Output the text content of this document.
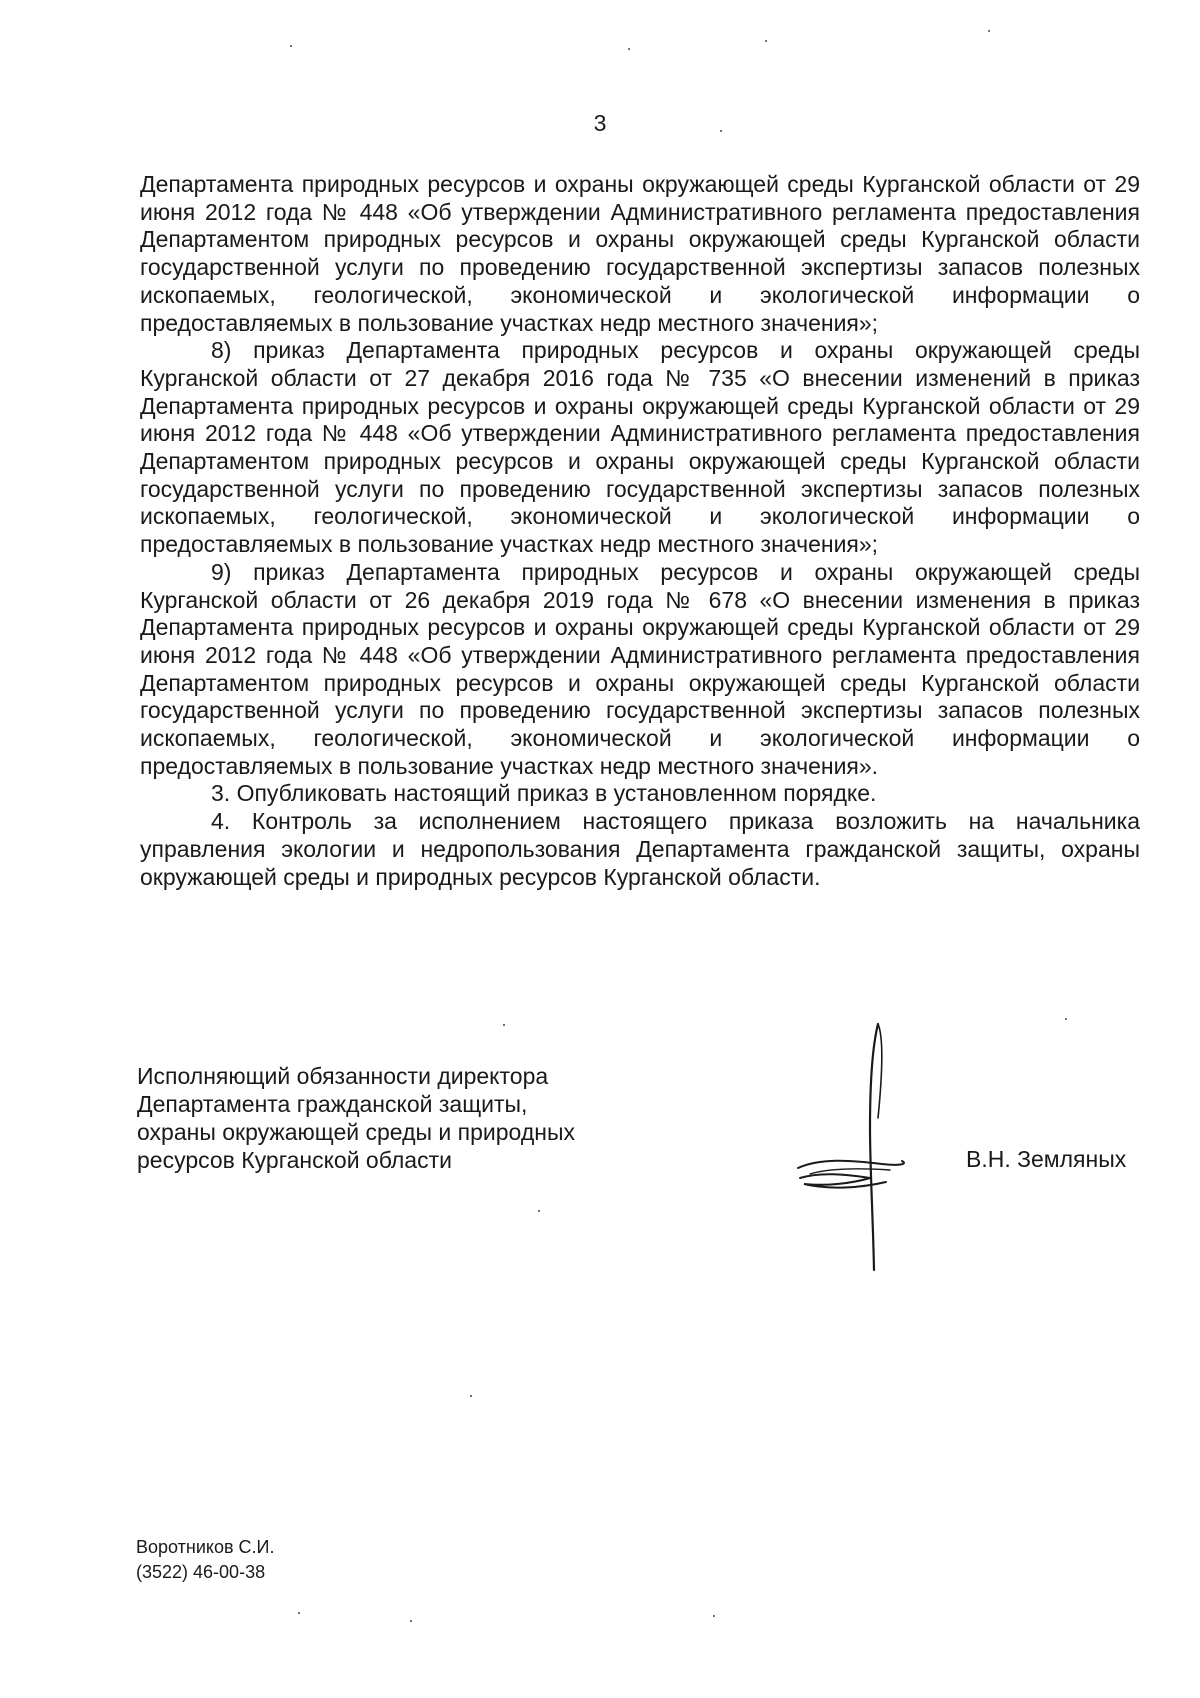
3

Департамента природных ресурсов и охраны окружающей среды Курганской области от 29 июня 2012 года № 448 «Об утверждении Административного регламента предоставления Департаментом природных ресурсов и охраны окружающей среды Курганской области государственной услуги по проведению государственной экспертизы запасов полезных ископаемых, геологической, экономической и экологической информации о предоставляемых в пользование участках недр местного значения»;

8) приказ Департамента природных ресурсов и охраны окружающей среды Курганской области от 27 декабря 2016 года № 735 «О внесении изменений в приказ Департамента природных ресурсов и охраны окружающей среды Курганской области от 29 июня 2012 года № 448 «Об утверждении Административного регламента предоставления Департаментом природных ресурсов и охраны окружающей среды Курганской области государственной услуги по проведению государственной экспертизы запасов полезных ископаемых, геологической, экономической и экологической информации о предоставляемых в пользование участках недр местного значения»;

9) приказ Департамента природных ресурсов и охраны окружающей среды Курганской области от 26 декабря 2019 года № 678 «О внесении изменения в приказ Департамента природных ресурсов и охраны окружающей среды Курганской области от 29 июня 2012 года № 448 «Об утверждении Административного регламента предоставления Департаментом природных ресурсов и охраны окружающей среды Курганской области государственной услуги по проведению государственной экспертизы запасов полезных ископаемых, геологической, экономической и экологической информации о предоставляемых в пользование участках недр местного значения».

3. Опубликовать настоящий приказ в установленном порядке.

4. Контроль за исполнением настоящего приказа возложить на начальника управления экологии и недропользования Департамента гражданской защиты, охраны окружающей среды и природных ресурсов Курганской области.

Исполняющий обязанности директора
Департамента гражданской защиты,
охраны окружающей среды и природных
ресурсов Курганской области	В.Н. Земляных
Воротников С.И.
(3522) 46-00-38
